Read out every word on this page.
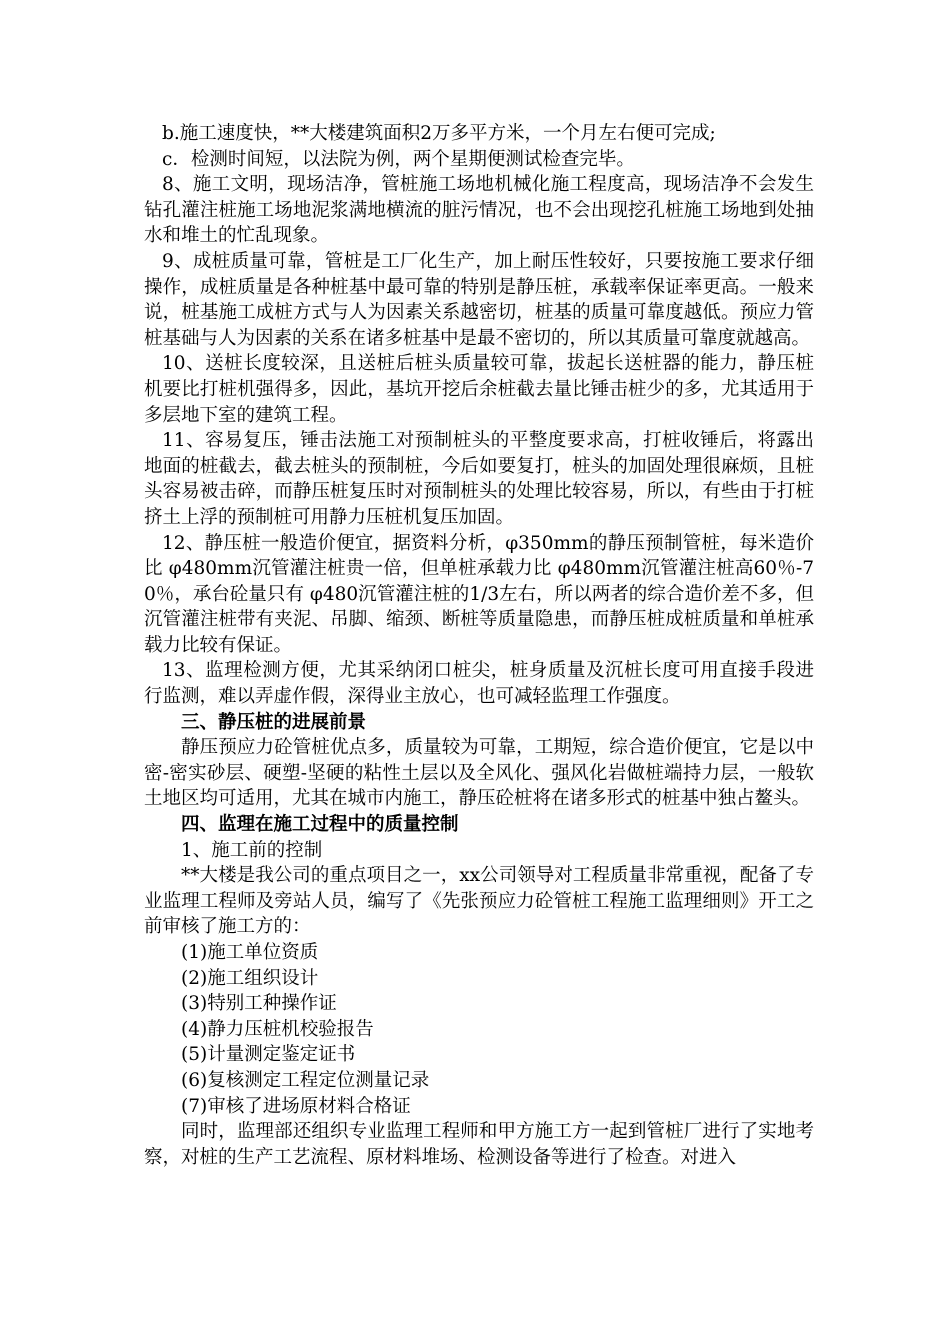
b.施工速度快，**大楼建筑面积2万多平方米，一个月左右便可完成;

c．检测时间短，以法院为例，两个星期便测试检查完毕。

8、施工文明，现场洁净，管桩施工场地机械化施工程度高，现场洁净不会发生钻孔灌注桩施工场地泥浆满地横流的脏污情况，也不会出现挖孔桩施工场地到处抽水和堆土的忙乱现象。

9、成桩质量可靠，管桩是工厂化生产，加上耐压性较好，只要按施工要求仔细操作，成桩质量是各种桩基中最可靠的特别是静压桩，承载率保证率更高。一般来说，桩基施工成桩方式与人为因素关系越密切，桩基的质量可靠度越低。预应力管桩基础与人为因素的关系在诸多桩基中是最不密切的，所以其质量可靠度就越高。

10、送桩长度较深，且送桩后桩头质量较可靠，拔起长送桩器的能力，静压桩机要比打桩机强得多，因此，基坑开挖后余桩截去量比锤击桩少的多，尤其适用于多层地下室的建筑工程。

11、容易复压，锤击法施工对预制桩头的平整度要求高，打桩收锤后，将露出地面的桩截去，截去桩头的预制桩，今后如要复打，桩头的加固处理很麻烦，且桩头容易被击碎，而静压桩复压时对预制桩头的处理比较容易，所以，有些由于打桩挤土上浮的预制桩可用静力压桩机复压加固。

12、静压桩一般造价便宜，据资料分析，φ350mm的静压预制管桩，每米造价比 φ480mm沉管灌注桩贵一倍，但单桩承载力比 φ480mm沉管灌注桩高60％-70％，承台砼量只有 φ480沉管灌注桩的1/3左右，所以两者的综合造价差不多，但沉管灌注桩带有夹泥、吊脚、缩颈、断桩等质量隐患，而静压桩成桩质量和单桩承载力比较有保证。

13、监理检测方便，尤其采纳闭口桩尖，桩身质量及沉桩长度可用直接手段进行监测，难以弄虚作假，深得业主放心，也可减轻监理工作强度。

三、静压桩的进展前景

静压预应力砼管桩优点多，质量较为可靠，工期短，综合造价便宜，它是以中密-密实砂层、硬塑-坚硬的粘性土层以及全风化、强风化岩做桩端持力层，一般软土地区均可适用，尤其在城市内施工，静压砼桩将在诸多形式的桩基中独占鳌头。

四、监理在施工过程中的质量控制

1、施工前的控制

**大楼是我公司的重点项目之一，xx公司领导对工程质量非常重视，配备了专业监理工程师及旁站人员，编写了《先张预应力砼管桩工程施工监理细则》开工之前审核了施工方的：

(1)施工单位资质

(2)施工组织设计

(3)特别工种操作证

(4)静力压桩机校验报告

(5)计量测定鉴定证书

(6)复核测定工程定位测量记录

(7)审核了进场原材料合格证

同时，监理部还组织专业监理工程师和甲方施工方一起到管桩厂进行了实地考察，对桩的生产工艺流程、原材料堆场、检测设备等进行了检查。对进入
